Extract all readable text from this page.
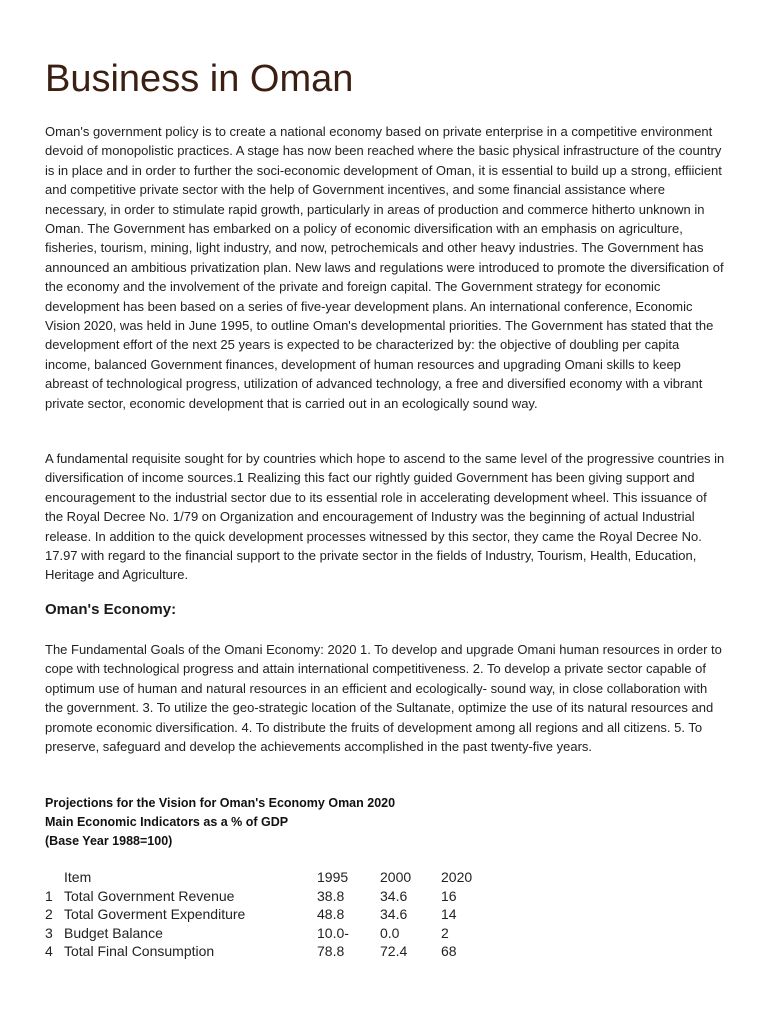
Business in Oman

Oman's government policy is to create a national economy based on private enterprise in a competitive environment devoid of monopolistic practices. A stage has now been reached where the basic physical infrastructure of the country is in place and in order to further the soci-economic development of Oman, it is essential to build up a strong, effiicient and competitive private sector with the help of Government incentives, and some financial assistance where necessary, in order to stimulate rapid growth, particularly in areas of production and commerce hitherto unknown in Oman. The Government has embarked on a policy of economic diversification with an emphasis on agriculture, fisheries, tourism, mining, light industry, and now, petrochemicals and other heavy industries. The Government has announced an ambitious privatization plan. New laws and regulations were introduced to promote the diversification of the economy and the involvement of the private and foreign capital. The Government strategy for economic development has been based on a series of five-year development plans. An international conference, Economic Vision 2020, was held in June 1995, to outline Oman's developmental priorities. The Government has stated that the development effort of the next 25 years is expected to be characterized by: the objective of doubling per capita income, balanced Government finances, development of human resources and upgrading Omani skills to keep abreast of technological progress, utilization of advanced technology, a free and diversified economy with a vibrant private sector, economic development that is carried out in an ecologically sound way.

A fundamental requisite sought for by countries which hope to ascend to the same level of the progressive countries in diversification of income sources.1 Realizing this fact our rightly guided Government has been giving support and encouragement to the industrial sector due to its essential role in accelerating development wheel. This issuance of the Royal Decree No. 1/79 on Organization and encouragement of Industry was the beginning of actual Industrial release. In addition to the quick development processes witnessed by this sector, they came the Royal Decree No. 17.97 with regard to the financial support to the private sector in the fields of Industry, Tourism, Health, Education, Heritage and Agriculture.

Oman's Economy:

The Fundamental Goals of the Omani Economy: 2020 1. To develop and upgrade Omani human resources in order to cope with technological progress and attain international competitiveness. 2. To develop a private sector capable of optimum use of human and natural resources in an efficient and ecologically- sound way, in close collaboration with the government. 3. To utilize the geo-strategic location of the Sultanate, optimize the use of its natural resources and promote economic diversification. 4. To distribute the fruits of development among all regions and all citizens. 5. To preserve, safeguard and develop the achievements accomplished in the past twenty-five years.

Projections for the Vision for Oman's Economy Oman 2020
Main Economic Indicators as a % of GDP
(Base Year 1988=100)
	Item	1995	2000	2020
1	Total Government Revenue	38.8	34.6	16
2	Total Goverment Expenditure	48.8	34.6	14
3	Budget Balance	10.0-	0.0	2
4	Total Final Consumption	78.8	72.4	68
